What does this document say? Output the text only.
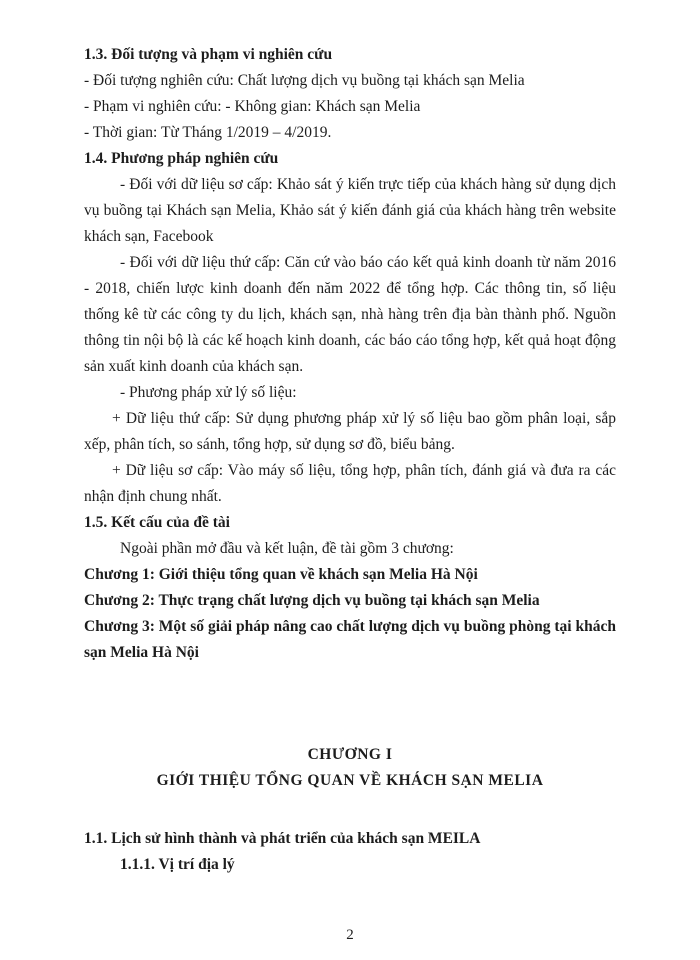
1.3. Đối tượng và phạm vi nghiên cứu

- Đối tượng nghiên cứu: Chất lượng dịch vụ buồng tại khách sạn Melia

- Phạm vi nghiên cứu: - Không gian: Khách sạn Melia

- Thời gian: Từ Tháng 1/2019 – 4/2019.

1.4. Phương pháp nghiên cứu

- Đối với dữ liệu sơ cấp: Khảo sát ý kiến trực tiếp của khách hàng sử dụng dịch vụ buồng tại Khách sạn Melia, Khảo sát ý kiến đánh giá của khách hàng trên website khách sạn, Facebook

- Đối với dữ liệu thứ cấp: Căn cứ vào báo cáo kết quả kinh doanh từ năm 2016 - 2018, chiến lược kinh doanh đến năm 2022 để tổng hợp. Các thông tin, số liệu thống kê từ các công ty du lịch, khách sạn, nhà hàng trên địa bàn thành phố. Nguồn thông tin nội bộ là các kế hoạch kinh doanh, các báo cáo tổng hợp, kết quả hoạt động sản xuất kinh doanh của khách sạn.

- Phương pháp xử lý số liệu:

+ Dữ liệu thứ cấp: Sử dụng phương pháp xử lý số liệu bao gồm phân loại, sắp xếp, phân tích, so sánh, tổng hợp, sử dụng sơ đồ, biểu bảng.

+ Dữ liệu sơ cấp: Vào máy số liệu, tổng hợp, phân tích, đánh giá và đưa ra các nhận định chung nhất.

1.5. Kết cấu của đề tài

Ngoài phần mở đầu và kết luận, đề tài gồm 3 chương:

Chương 1: Giới thiệu tổng quan về khách sạn Melia Hà Nội

Chương 2: Thực trạng chất lượng dịch vụ buồng tại khách sạn Melia

Chương 3: Một số giải pháp nâng cao chất lượng dịch vụ buồng phòng tại khách sạn Melia Hà Nội

CHƯƠNG I

GIỚI THIỆU TỔNG QUAN VỀ KHÁCH SẠN MELIA

1.1. Lịch sử hình thành và phát triển của khách sạn MEILA

1.1.1. Vị trí địa lý

2
